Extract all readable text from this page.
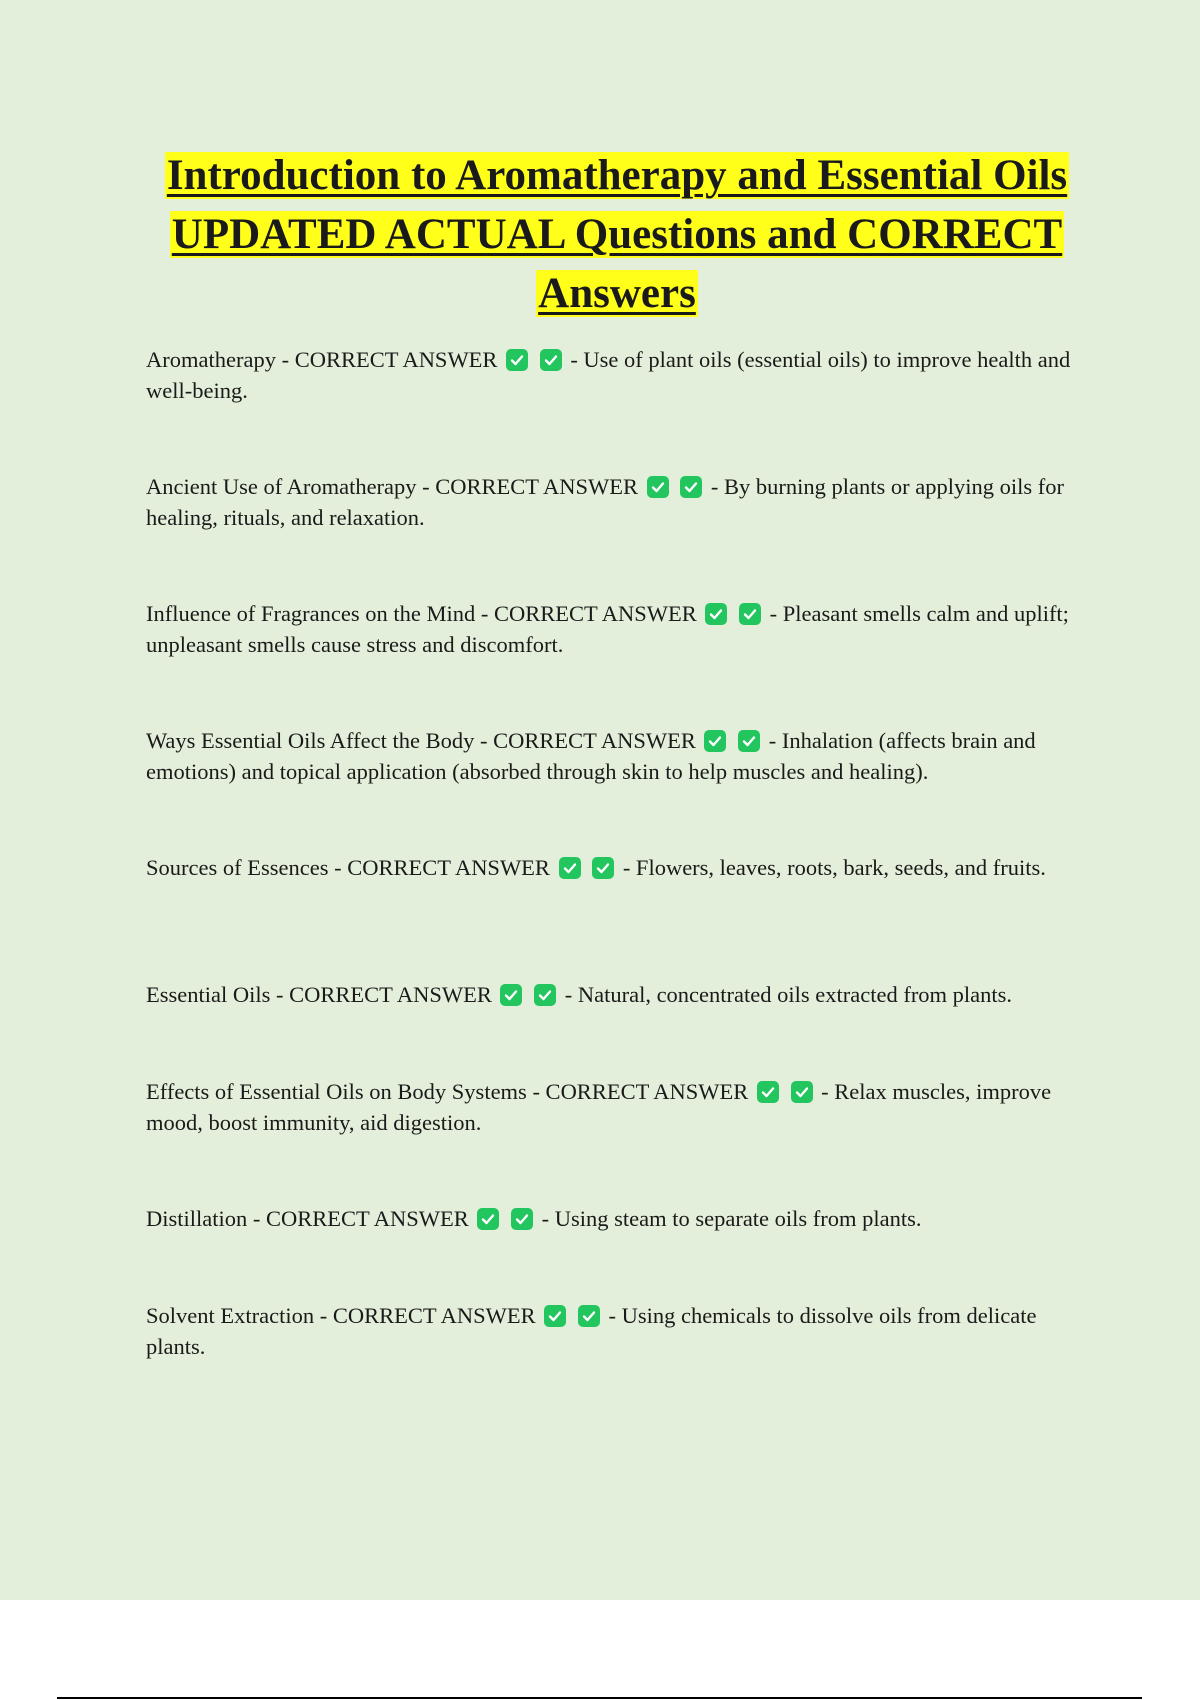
Introduction to Aromatherapy and Essential Oils UPDATED ACTUAL Questions and CORRECT Answers
Aromatherapy - CORRECT ANSWER
	- Use of plant oils (essential oils) to improve health and well-being.
Ancient Use of Aromatherapy - CORRECT ANSWER
	- By burning plants or applying oils for healing, rituals, and relaxation.
Influence of Fragrances on the Mind - CORRECT ANSWER
	- Pleasant smells calm and uplift; unpleasant smells cause stress and discomfort.
Ways Essential Oils Affect the Body - CORRECT ANSWER
	- Inhalation (affects brain and emotions) and topical application (absorbed through skin to help muscles and healing).
Sources of Essences - CORRECT ANSWER
	- Flowers, leaves, roots, bark, seeds, and fruits.
Essential Oils - CORRECT ANSWER
	- Natural, concentrated oils extracted from plants.
Effects of Essential Oils on Body Systems - CORRECT ANSWER
	- Relax muscles, improve mood, boost immunity, aid digestion.
Distillation - CORRECT ANSWER
	- Using steam to separate oils from plants.
Solvent Extraction - CORRECT ANSWER
	- Using chemicals to dissolve oils from delicate plants.
